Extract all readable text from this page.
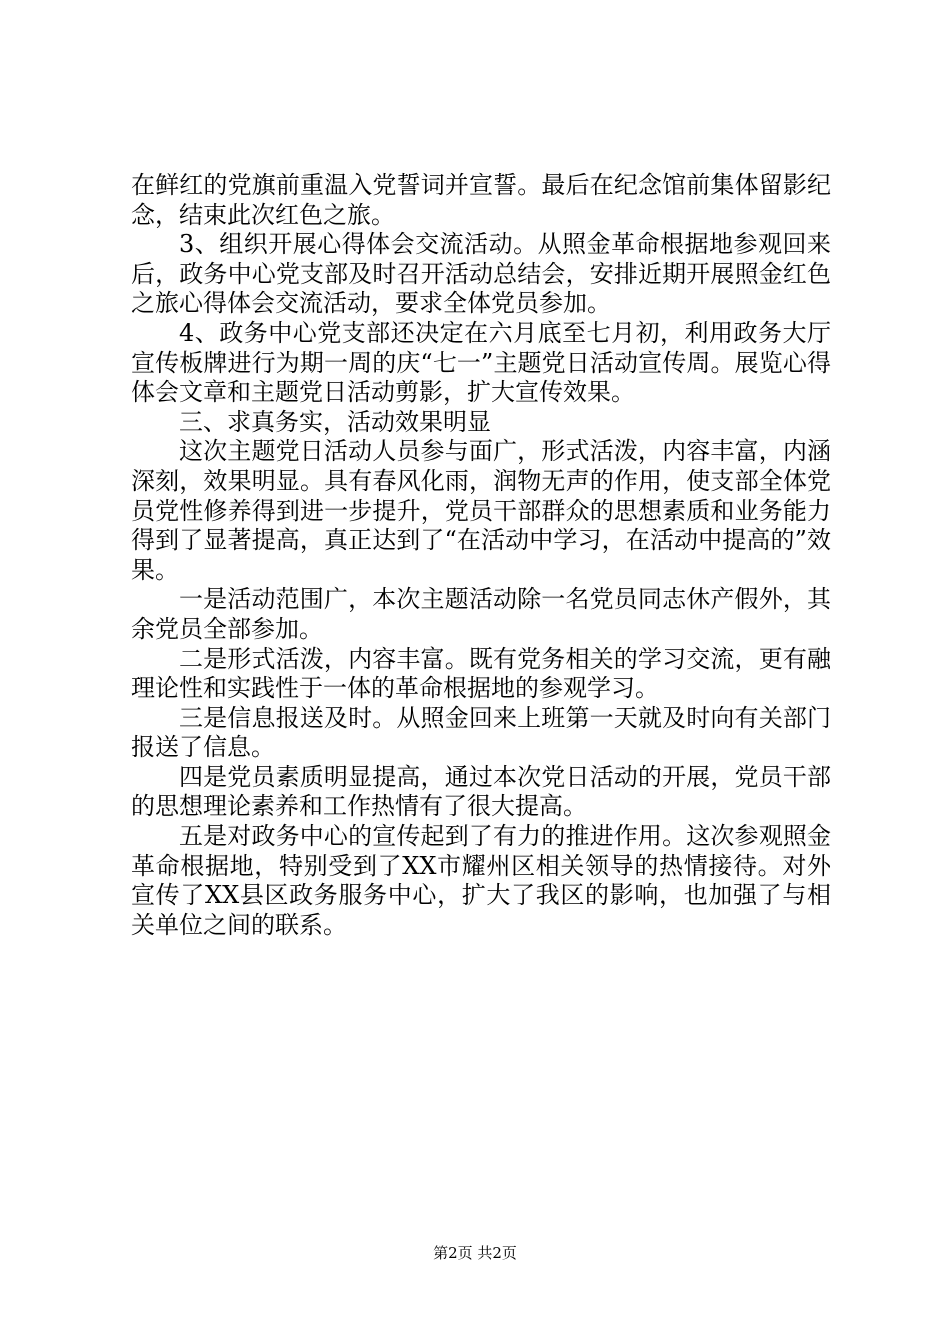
在鲜红的党旗前重温入党誓词并宣誓。最后在纪念馆前集体留影纪念，结束此次红色之旅。

3、组织开展心得体会交流活动。从照金革命根据地参观回来后，政务中心党支部及时召开活动总结会，安排近期开展照金红色之旅心得体会交流活动，要求全体党员参加。

4、政务中心党支部还决定在六月底至七月初，利用政务大厅宣传板牌进行为期一周的庆“七一”主题党日活动宣传周。展览心得体会文章和主题党日活动剪影，扩大宣传效果。

三、求真务实，活动效果明显

这次主题党日活动人员参与面广，形式活泼，内容丰富，内涵深刻，效果明显。具有春风化雨，润物无声的作用，使支部全体党员党性修养得到进一步提升，党员干部群众的思想素质和业务能力得到了显著提高，真正达到了“在活动中学习，在活动中提高的”效果。

一是活动范围广，本次主题活动除一名党员同志休产假外，其余党员全部参加。

二是形式活泼，内容丰富。既有党务相关的学习交流，更有融理论性和实践性于一体的革命根据地的参观学习。

三是信息报送及时。从照金回来上班第一天就及时向有关部门报送了信息。

四是党员素质明显提高，通过本次党日活动的开展，党员干部的思想理论素养和工作热情有了很大提高。

五是对政务中心的宣传起到了有力的推进作用。这次参观照金革命根据地，特别受到了XX市耀州区相关领导的热情接待。对外宣传了XX县区政务服务中心，扩大了我区的影响，也加强了与相关单位之间的联系。

第2页 共2页
